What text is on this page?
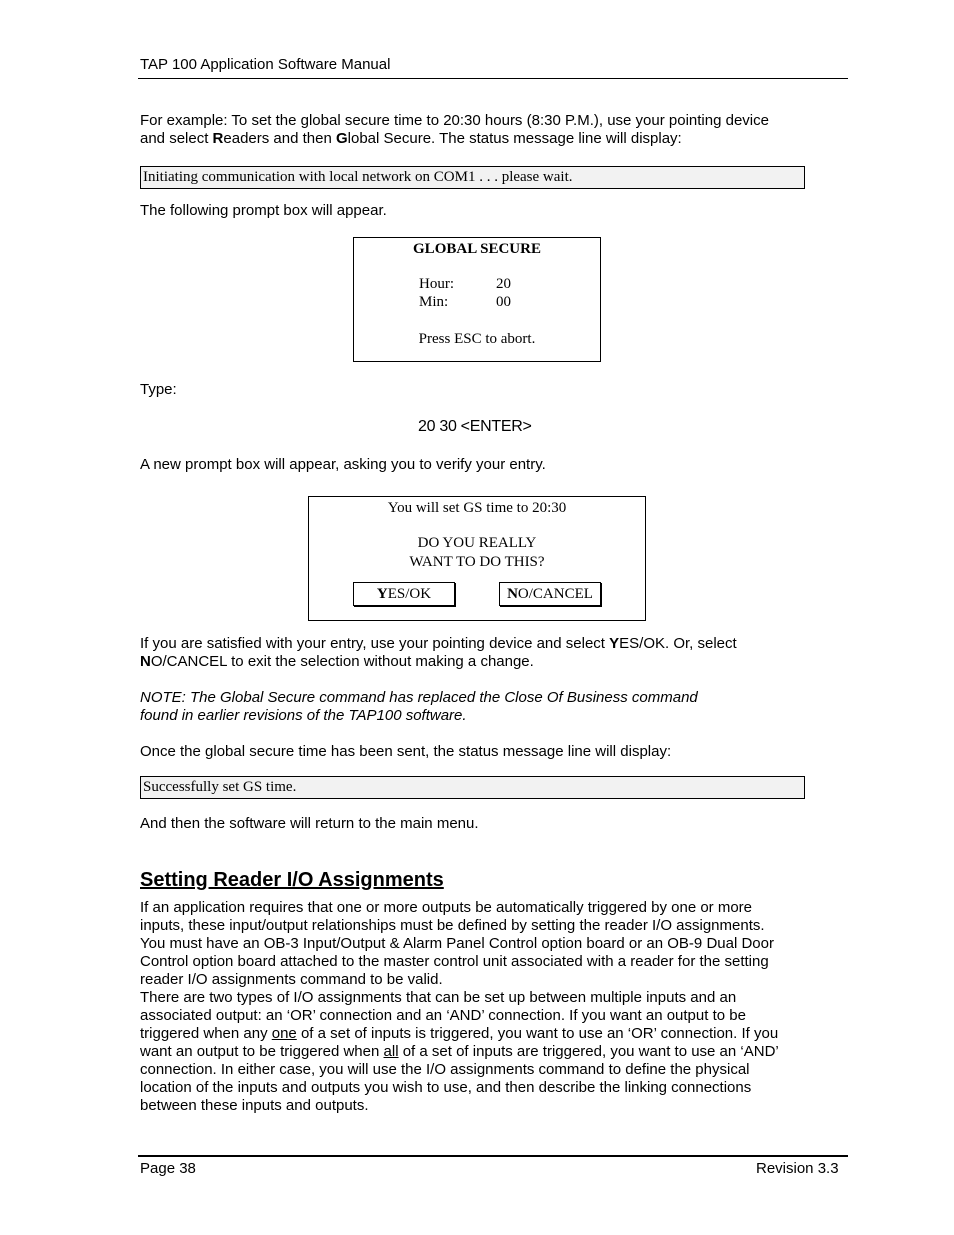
TAP 100 Application Software Manual
For example: To set the global secure time to 20:30 hours (8:30 P.M.), use your pointing device
and select Readers and then Global Secure. The status message line will display:
Initiating communication with local network on COM1 . . . please wait.
The following prompt box will appear.
GLOBAL SECURE
Hour:	20
Min:	00
Press ESC to abort.
Type:
20 30 <ENTER>
A new prompt box will appear, asking you to verify your entry.
You will set GS time to 20:30
DO YOU REALLY
WANT TO DO THIS?
YES/OK	NO/CANCEL
If you are satisfied with your entry, use your pointing device and select YES/OK. Or, select
NO/CANCEL to exit the selection without making a change.
NOTE: The Global Secure command has replaced the Close Of Business command
found in earlier revisions of the TAP100 software.
Once the global secure time has been sent, the status message line will display:
Successfully set GS time.
And then the software will return to the main menu.
Setting Reader I/O Assignments
If an application requires that one or more outputs be automatically triggered by one or more
inputs, these input/output relationships must be defined by setting the reader I/O assignments.
You must have an OB-3 Input/Output & Alarm Panel Control option board or an OB-9 Dual Door
Control option board attached to the master control unit associated with a reader for the setting
reader I/O assignments command to be valid.
There are two types of I/O assignments that can be set up between multiple inputs and an
associated output: an ‘OR’ connection and an ‘AND’ connection. If you want an output to be
triggered when any one of a set of inputs is triggered, you want to use an ‘OR’ connection. If you
want an output to be triggered when all of a set of inputs are triggered, you want to use an ‘AND’
connection. In either case, you will use the I/O assignments command to define the physical
location of the inputs and outputs you wish to use, and then describe the linking connections
between these inputs and outputs.
Page 38	Revision 3.3
